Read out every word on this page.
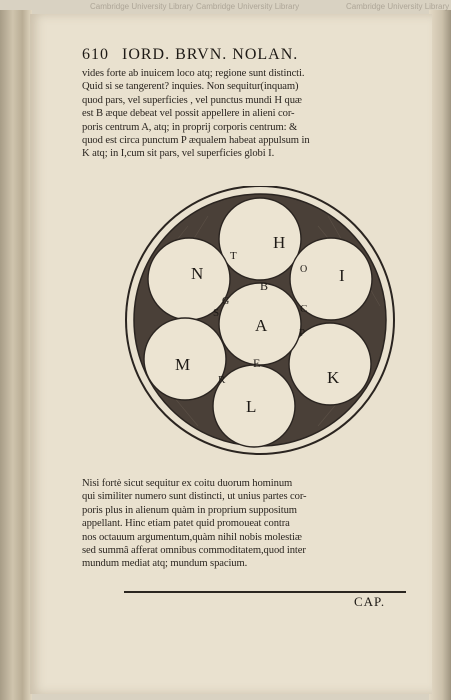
Cambridge University Library Cambridge University Library	Cambridge University Library
610 IORD. BRVN. NOLAN.
vides forte ab inuicem loco atq; regione sunt distincti.
Quid si se tangerent? inquies. Non sequitur(inquam)
quod pars, vel superficies , vel punctus mundi H quæ
est B æque debeat vel possit appellere in alieni cor-
poris centrum A, atq; in proprij corporis centrum: &
quod est circa punctum P æqualem habeat appulsum in
K atq; in I,cum sit pars, vel superficies globi I.
H
N	I
A
M
K
L
T
B
O
G
S	C
P
E
R
Nisi fortè sicut sequitur ex coitu duorum hominum
qui similiter numero sunt distincti, ut unius partes cor-
poris plus in alienum quàm in proprium suppositum
appellant. Hinc etiam patet quid promoueat contra
nos octauum argumentum,quàm nihil nobis molestiæ
sed summâ afferat omnibus commoditatem,quod inter
mundum mediat atq; mundum spacium.
CAP.
